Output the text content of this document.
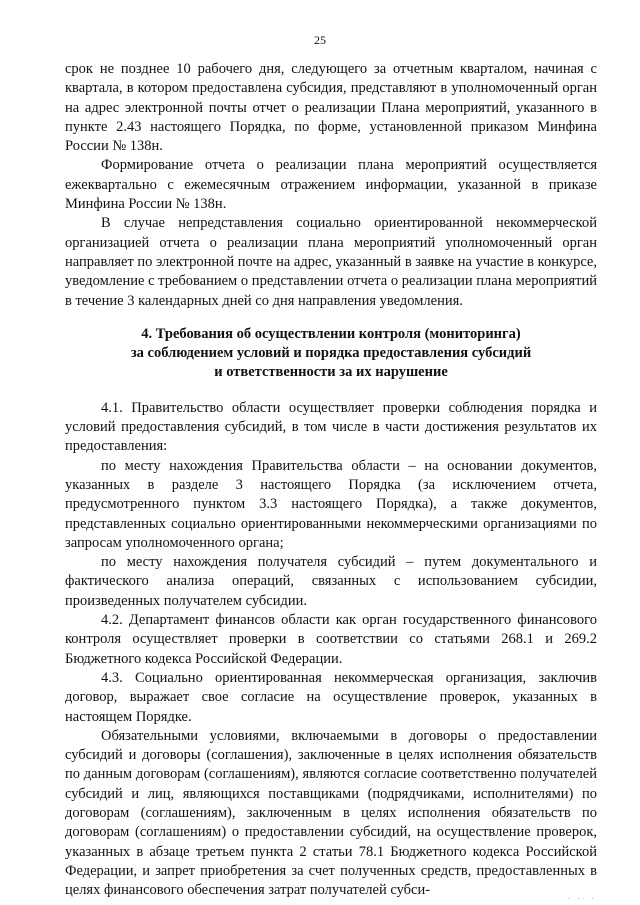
25

срок не позднее 10 рабочего дня, следующего за отчетным кварталом, начиная с квартала, в котором предоставлена субсидия, представляют в уполномоченный орган на адрес электронной почты отчет о реализации Плана мероприятий, указанного в пункте 2.43 настоящего Порядка, по форме, установленной приказом Минфина России № 138н.

Формирование отчета о реализации плана мероприятий осуществляется ежеквартально с ежемесячным отражением информации, указанной в приказе Минфина России № 138н.

В случае непредставления социально ориентированной некоммерческой организацией отчета о реализации плана мероприятий уполномоченный орган направляет по электронной почте на адрес, указанный в заявке на участие в конкурсе, уведомление с требованием о представлении отчета о реализации плана мероприятий в течение 3 календарных дней со дня направления уведомления.

4. Требования об осуществлении контроля (мониторинга)
за соблюдением условий и порядка предоставления субсидий
и ответственности за их нарушение

4.1. Правительство области осуществляет проверки соблюдения порядка и условий предоставления субсидий, в том числе в части достижения результатов их предоставления:

по месту нахождения Правительства области – на основании документов, указанных в разделе 3 настоящего Порядка (за исключением отчета, предусмотренного пунктом 3.3 настоящего Порядка), а также документов, представленных социально ориентированными некоммерческими организациями по запросам уполномоченного органа;

по месту нахождения получателя субсидий – путем документального и фактического анализа операций, связанных с использованием субсидии, произведенных получателем субсидии.

4.2. Департамент финансов области как орган государственного финансового контроля осуществляет проверки в соответствии со статьями 268.1 и 269.2 Бюджетного кодекса Российской Федерации.

4.3. Социально ориентированная некоммерческая организация, заключив договор, выражает свое согласие на осуществление проверок, указанных в настоящем Порядке.

Обязательными условиями, включаемыми в договоры о предоставлении субсидий и договоры (соглашения), заключенные в целях исполнения обязательств по данным договорам (соглашениям), являются согласие соответственно получателей субсидий и лиц, являющихся поставщиками (подрядчиками, исполнителями) по договорам (соглашениям), заключенным в целях исполнения обязательств по договорам (соглашениям) о предоставлении субсидий, на осуществление проверок, указанных в абзаце третьем пункта 2 статьи 78.1 Бюджетного кодекса Российской Федерации, и запрет приобретения за счет полученных средств, предоставленных в целях финансового обеспечения затрат получателей субси-	. .. .
